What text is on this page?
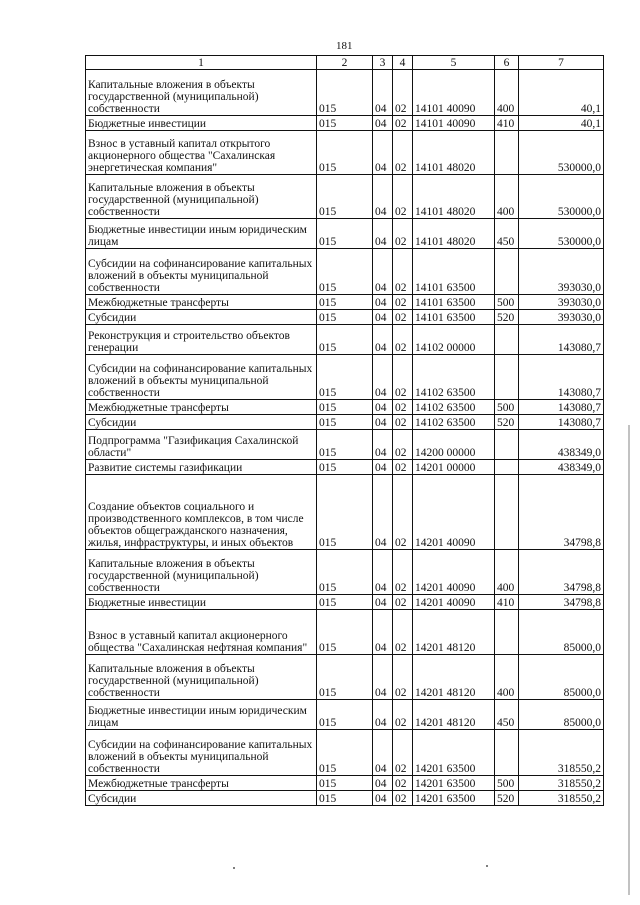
181
1	2	3	4	5	6	7
Капитальные вложения в объекты государственной (муниципальной) собственности	015	04	02	14101 40090	400	40,1
Бюджетные инвестиции	015	04	02	14101 40090	410	40,1
Взнос в уставный капитал открытого акционерного общества "Сахалинская энергетическая компания"	015	04	02	14101 48020		530000,0
Капитальные вложения в объекты государственной (муниципальной) собственности	015	04	02	14101 48020	400	530000,0
Бюджетные инвестиции иным юридическим лицам	015	04	02	14101 48020	450	530000,0
Субсидии на софинансирование капитальных вложений в объекты муниципальной собственности	015	04	02	14101 63500		393030,0
Межбюджетные трансферты	015	04	02	14101 63500	500	393030,0
Субсидии	015	04	02	14101 63500	520	393030,0
Реконструкция и строительство объектов генерации	015	04	02	14102 00000		143080,7
Субсидии на софинансирование капитальных вложений в объекты муниципальной собственности	015	04	02	14102 63500		143080,7
Межбюджетные трансферты	015	04	02	14102 63500	500	143080,7
Субсидии	015	04	02	14102 63500	520	143080,7
Подпрограмма "Газификация Сахалинской области"	015	04	02	14200 00000		438349,0
Развитие системы газификации	015	04	02	14201 00000		438349,0
Создание объектов социального и производственного комплексов, в том числе объектов общегражданского назначения, жилья, инфраструктуры, и иных объектов	015	04	02	14201 40090		34798,8
Капитальные вложения в объекты государственной (муниципальной) собственности	015	04	02	14201 40090	400	34798,8
Бюджетные инвестиции	015	04	02	14201 40090	410	34798,8
Взнос в уставный капитал акционерного общества "Сахалинская нефтяная компания"	015	04	02	14201 48120		85000,0
Капитальные вложения в объекты государственной (муниципальной) собственности	015	04	02	14201 48120	400	85000,0
Бюджетные инвестиции иным юридическим лицам	015	04	02	14201 48120	450	85000,0
Субсидии на софинансирование капитальных вложений в объекты муниципальной собственности	015	04	02	14201 63500		318550,2
Межбюджетные трансферты	015	04	02	14201 63500	500	318550,2
Субсидии	015	04	02	14201 63500	520	318550,2
